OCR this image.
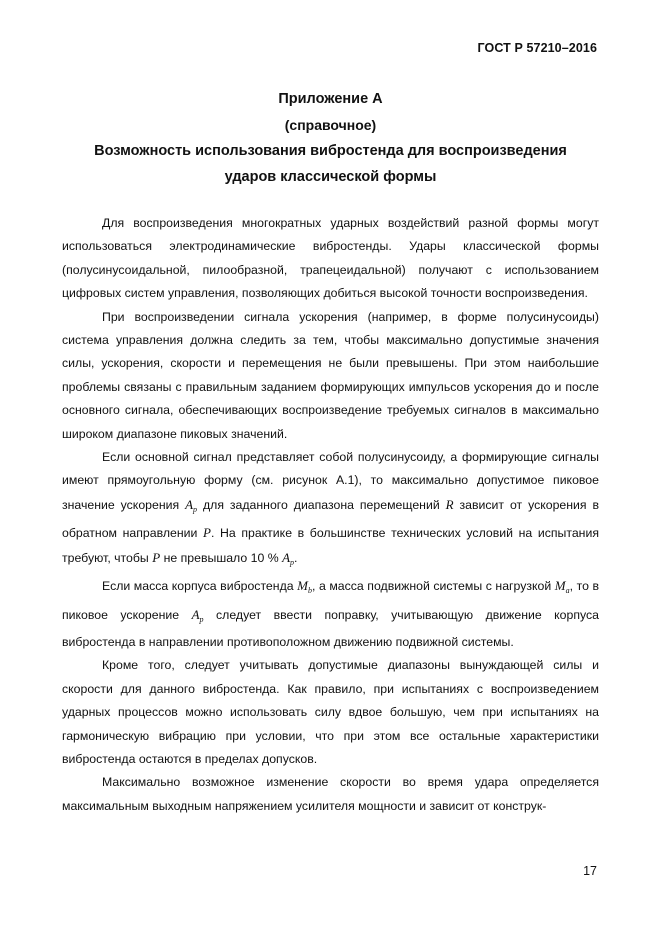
ГОСТ Р 57210–2016
Приложение А
(справочное)
Возможность использования вибростенда для воспроизведения
ударов классической формы

Для воспроизведения многократных ударных воздействий разной формы могут использоваться электродинамические вибростенды. Удары классической формы (полусинусоидальной, пилообразной, трапецеидальной) получают с использованием цифровых систем управления, позволяющих добиться высокой точности воспроизведения.

При воспроизведении сигнала ускорения (например, в форме полусинусоиды) система управления должна следить за тем, чтобы максимально допустимые значения силы, ускорения, скорости и перемещения не были превышены. При этом наибольшие проблемы связаны с правильным заданием формирующих импульсов ускорения до и после основного сигнала, обеспечивающих воспроизведение требуемых сигналов в максимально широком диапазоне пиковых значений.

Если основной сигнал представляет собой полусинусоиду, а формирующие сигналы имеют прямоугольную форму (см. рисунок А.1), то максимально допустимое пиковое значение ускорения $A_p$ для заданного диапазона перемещений R зависит от ускорения в обратном направлении P. На практике в большинстве технических условий на испытания требуют, чтобы P не превышало 10 % $A_p$.

Если масса корпуса вибростенда $M_b$, а масса подвижной системы с нагрузкой $M_a$, то в пиковое ускорение $A_p$ следует ввести поправку, учитывающую движение корпуса вибростенда в направлении противоположном движению подвижной системы.

Кроме того, следует учитывать допустимые диапазоны вынуждающей силы и скорости для данного вибростенда. Как правило, при испытаниях с воспроизведением ударных процессов можно использовать силу вдвое большую, чем при испытаниях на гармоническую вибрацию при условии, что при этом все остальные характеристики вибростенда остаются в пределах допусков.

Максимально возможное изменение скорости во время удара определяется максимальным выходным напряжением усилителя мощности и зависит от конструк-

17
